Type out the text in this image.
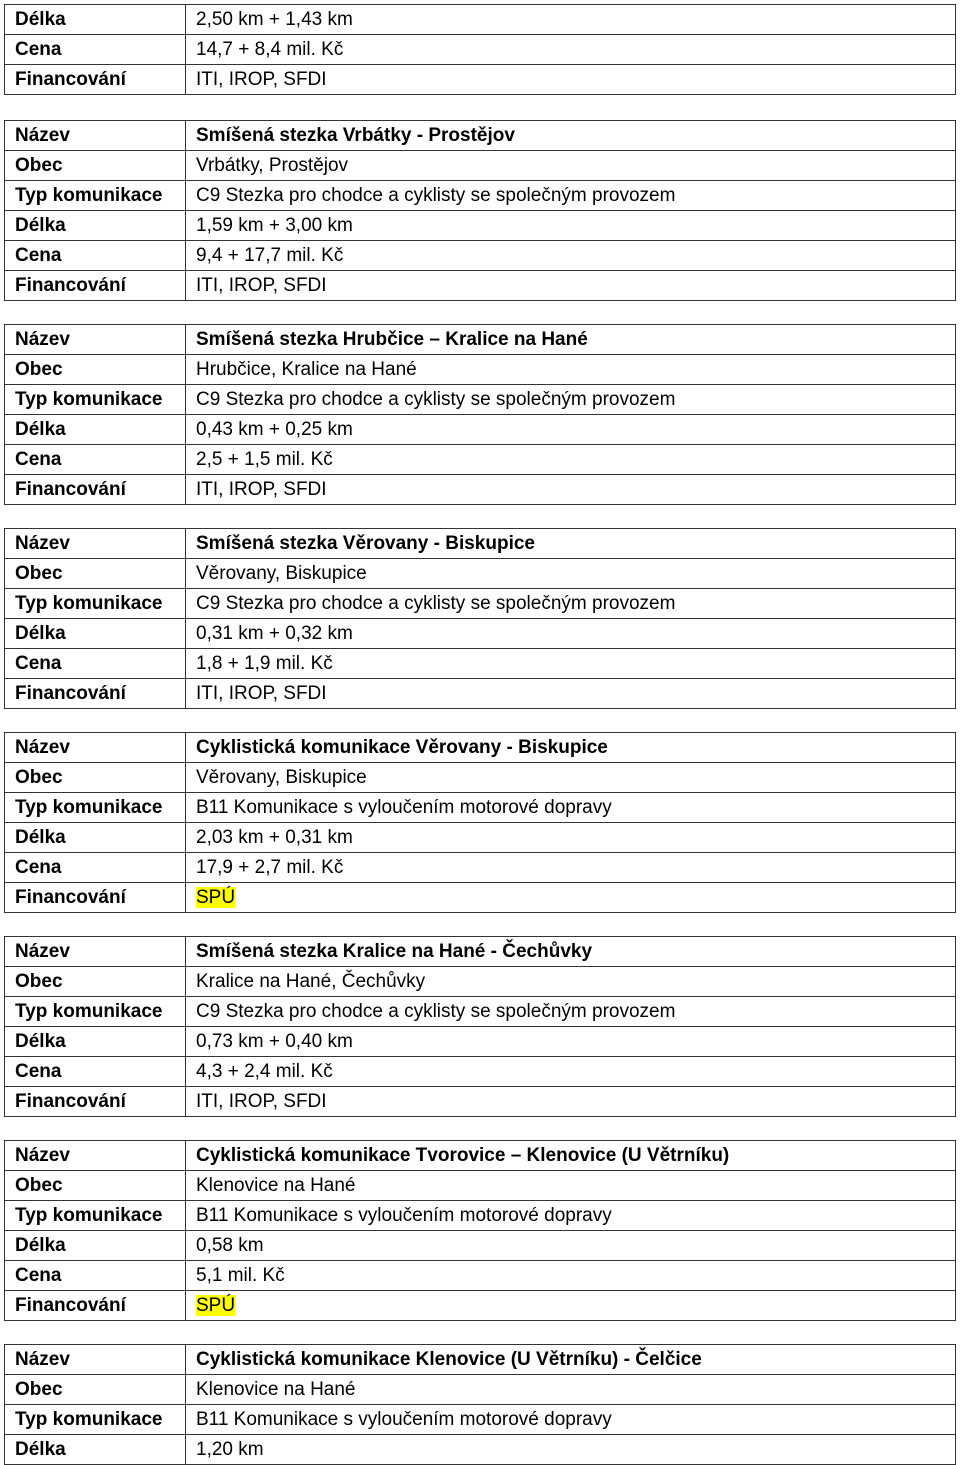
Délka	2,50 km + 1,43 km
Cena	14,7 + 8,4 mil. Kč
Financování	ITI, IROP, SFDI
Název	Smíšená stezka Vrbátky - Prostějov
Obec	Vrbátky, Prostějov
Typ komunikace	C9 Stezka pro chodce a cyklisty se společným provozem
Délka	1,59 km + 3,00 km
Cena	9,4 + 17,7 mil. Kč
Financování	ITI, IROP, SFDI
Název	Smíšená stezka Hrubčice – Kralice na Hané
Obec	Hrubčice, Kralice na Hané
Typ komunikace	C9 Stezka pro chodce a cyklisty se společným provozem
Délka	0,43 km + 0,25 km
Cena	2,5 + 1,5 mil. Kč
Financování	ITI, IROP, SFDI
Název	Smíšená stezka Věrovany - Biskupice
Obec	Věrovany, Biskupice
Typ komunikace	C9 Stezka pro chodce a cyklisty se společným provozem
Délka	0,31 km + 0,32 km
Cena	1,8 + 1,9 mil. Kč
Financování	ITI, IROP, SFDI
Název	Cyklistická komunikace Věrovany - Biskupice
Obec	Věrovany, Biskupice
Typ komunikace	B11 Komunikace s vyloučením motorové dopravy
Délka	2,03 km + 0,31 km
Cena	17,9 + 2,7 mil. Kč
Financování	SPÚ
Název	Smíšená stezka Kralice na Hané - Čechůvky
Obec	Kralice na Hané, Čechůvky
Typ komunikace	C9 Stezka pro chodce a cyklisty se společným provozem
Délka	0,73 km + 0,40 km
Cena	4,3 + 2,4 mil. Kč
Financování	ITI, IROP, SFDI
Název	Cyklistická komunikace Tvorovice – Klenovice (U Větrníku)
Obec	Klenovice na Hané
Typ komunikace	B11 Komunikace s vyloučením motorové dopravy
Délka	0,58 km
Cena	5,1 mil. Kč
Financování	SPÚ
Název	Cyklistická komunikace Klenovice (U Větrníku) - Čelčice
Obec	Klenovice na Hané
Typ komunikace	B11 Komunikace s vyloučením motorové dopravy
Délka	1,20 km
